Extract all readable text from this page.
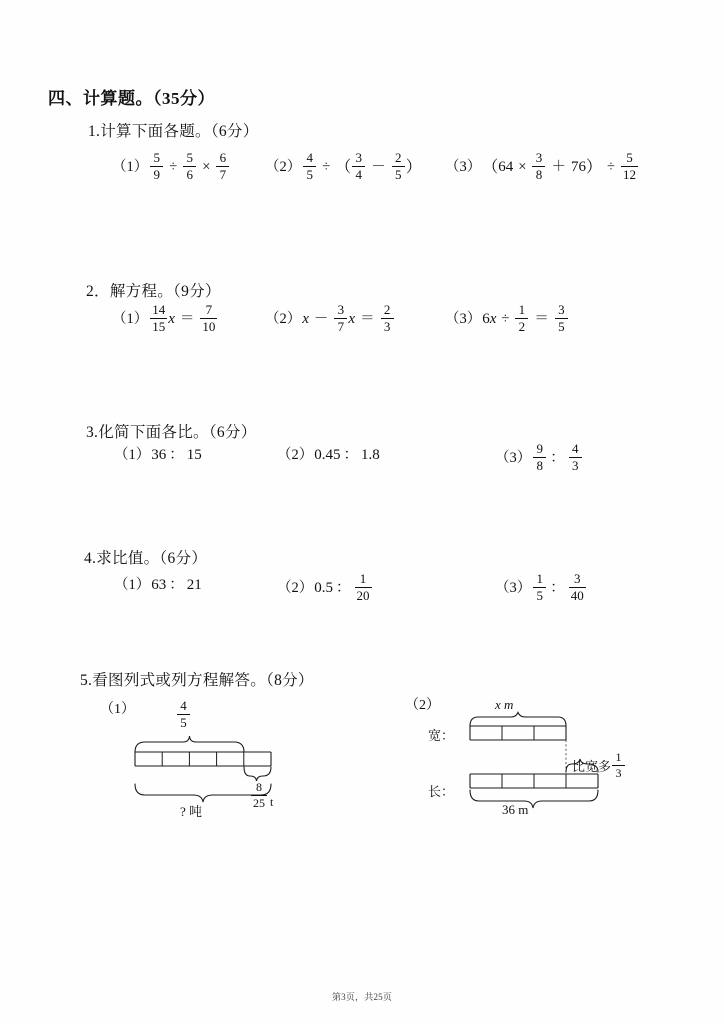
四、计算题。（35分）
1.计算下面各题。（6分）
$(1) \frac{5}{9} \div \frac{5}{6} \times \frac{6}{7} (2) \frac{4}{5}$ ÷ （ $\frac{3}{4} - \frac{2}{5}$ ） （3） （ $64 \times \frac{3}{8} + 76$ ） ÷ $\frac{5}{12}$
2．解方程。（9分）
$(1) \frac{14}{15}$ $x = \frac{7}{10}$	（2） $x - \frac{3}{7}$ $x = \frac{2}{3}$	（3） 6 $x \div \frac{1}{2} = \frac{3}{5}$
3.化简下面各比。（6分）
（1） 36 ： 15	（2） 0.45 ： 1.8	$(3) \frac{9}{8}$ ： $\frac{4}{3}$
4.求比值。（6分）
（1） 63 ： 21	（2） 0.5 ： $\frac{1}{20}$	$(3) \frac{1}{5}$ ： $\frac{3}{40}$
5.看图列式或列方程解答。（8分）
（1）	$\frac{4}{5}$
$\frac{8}{25}$ t
? 吨
（2）	x m
宽：
长：
比宽多 $\frac{1}{3}$
36 m
第3页，共25页
